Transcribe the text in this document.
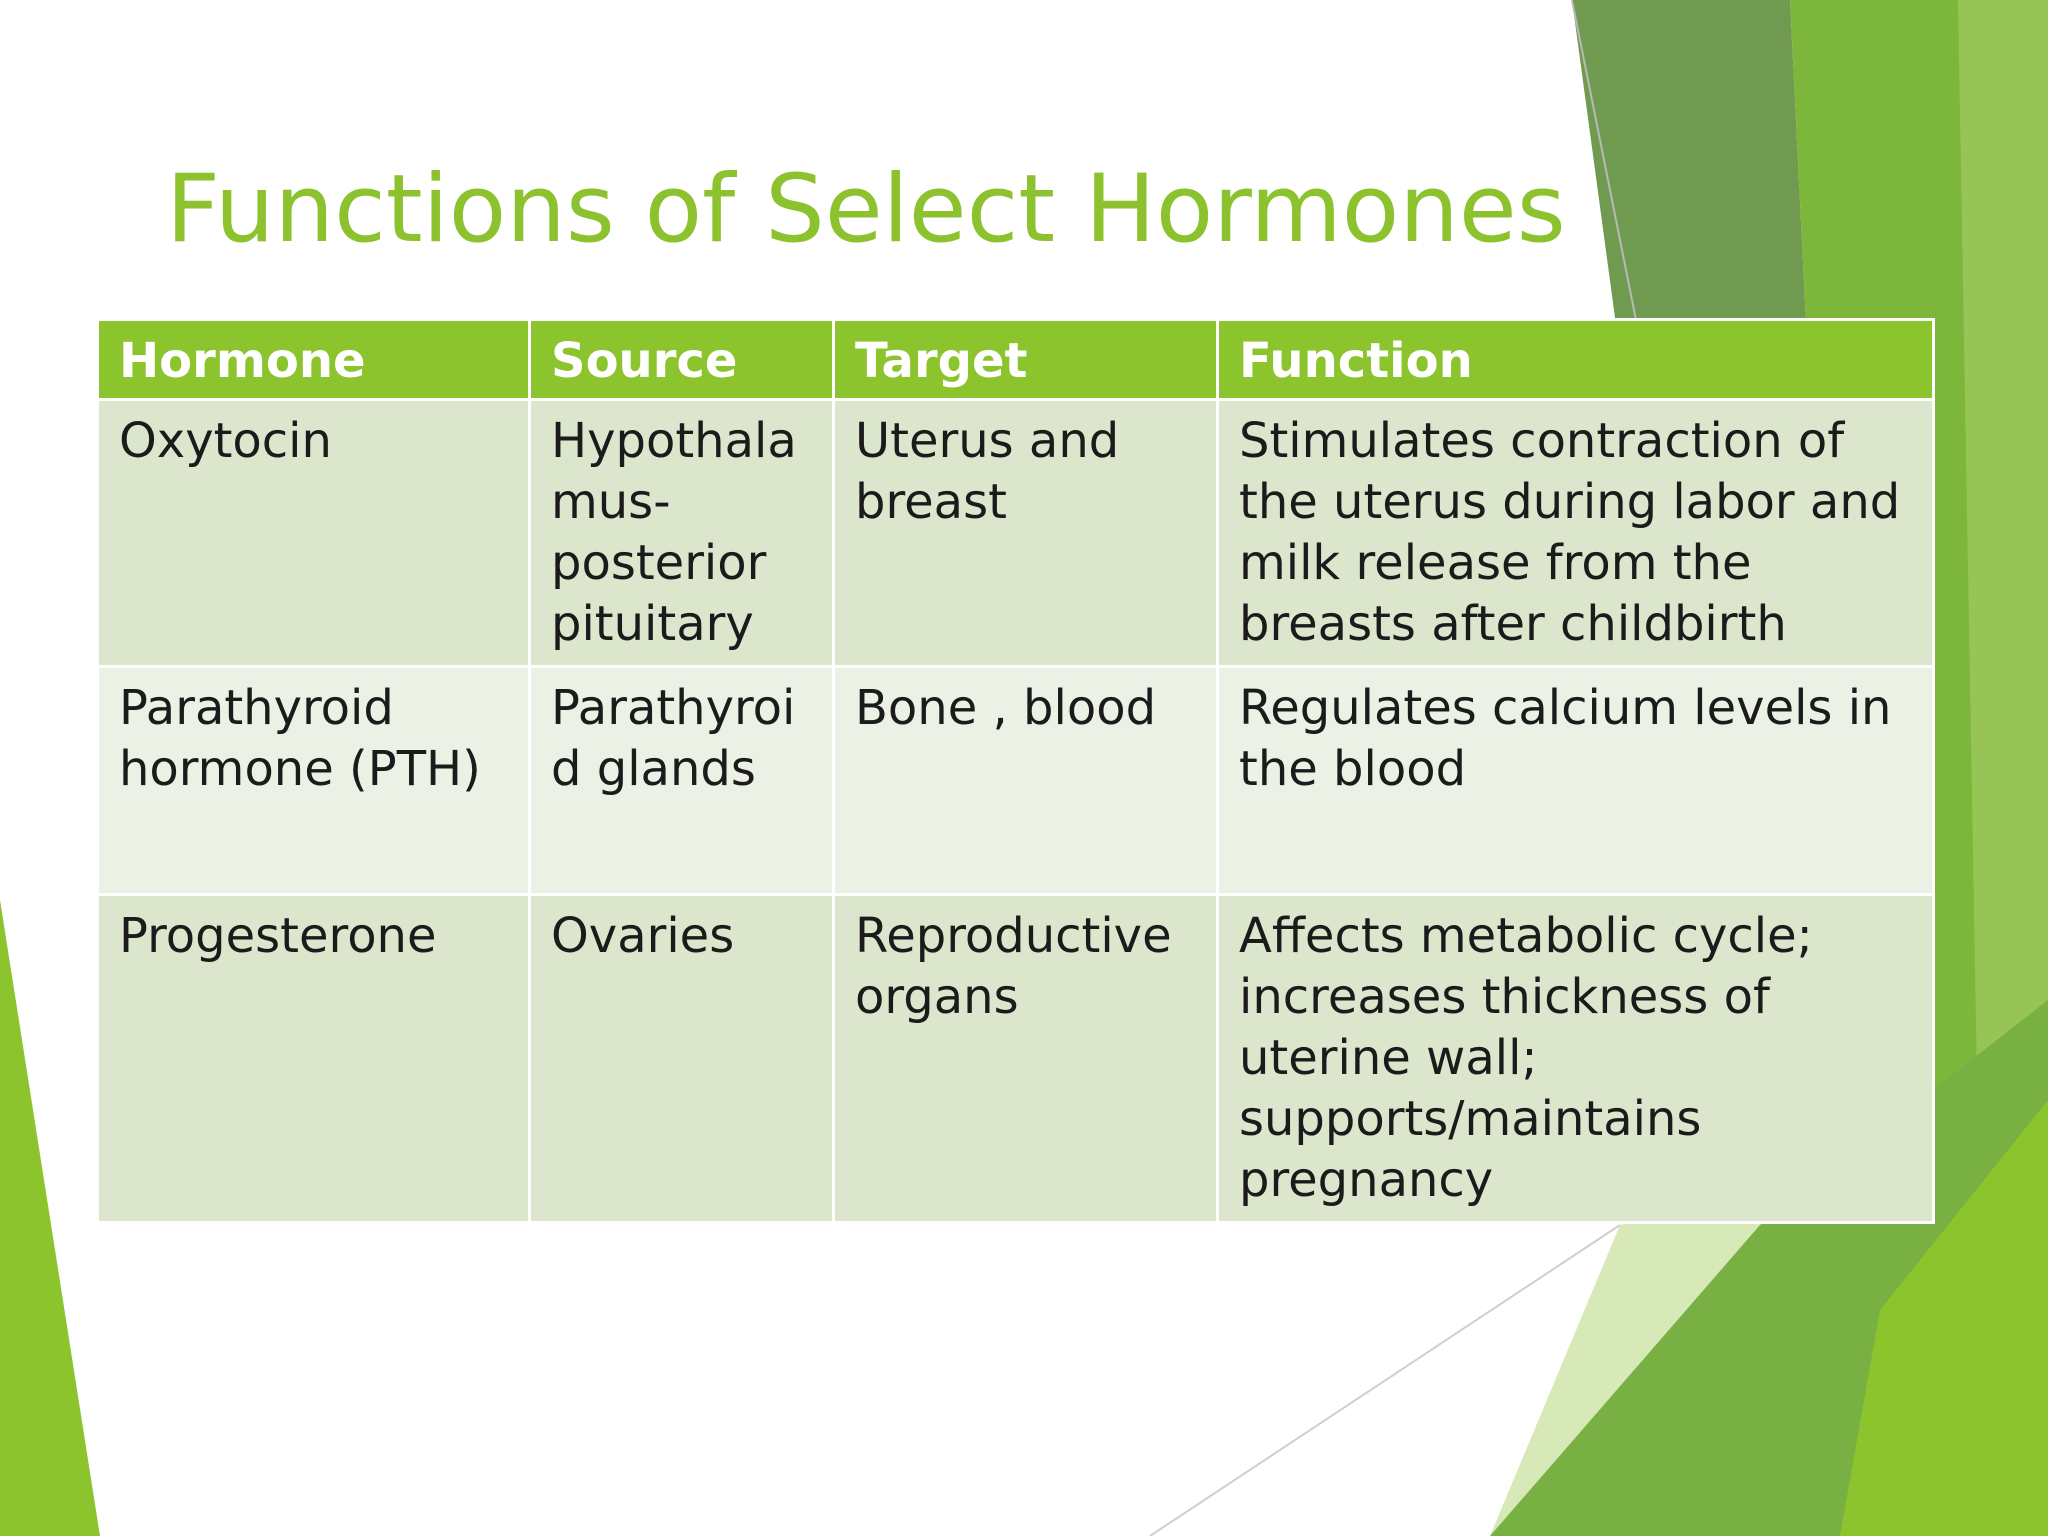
Functions of Select Hormones
Hormone	Source	Target	Function
Oxytocin	Hypothalamus-posterior pituitary	Uterus and breast	Stimulates contraction of the uterus during labor and milk release from the breasts after childbirth
Parathyroid hormone (PTH)	Parathyroid glands	Bone , blood	Regulates calcium levels in the blood
Progesterone	Ovaries	Reproductive organs	Affects metabolic cycle; increases thickness of uterine wall; supports/maintains pregnancy
